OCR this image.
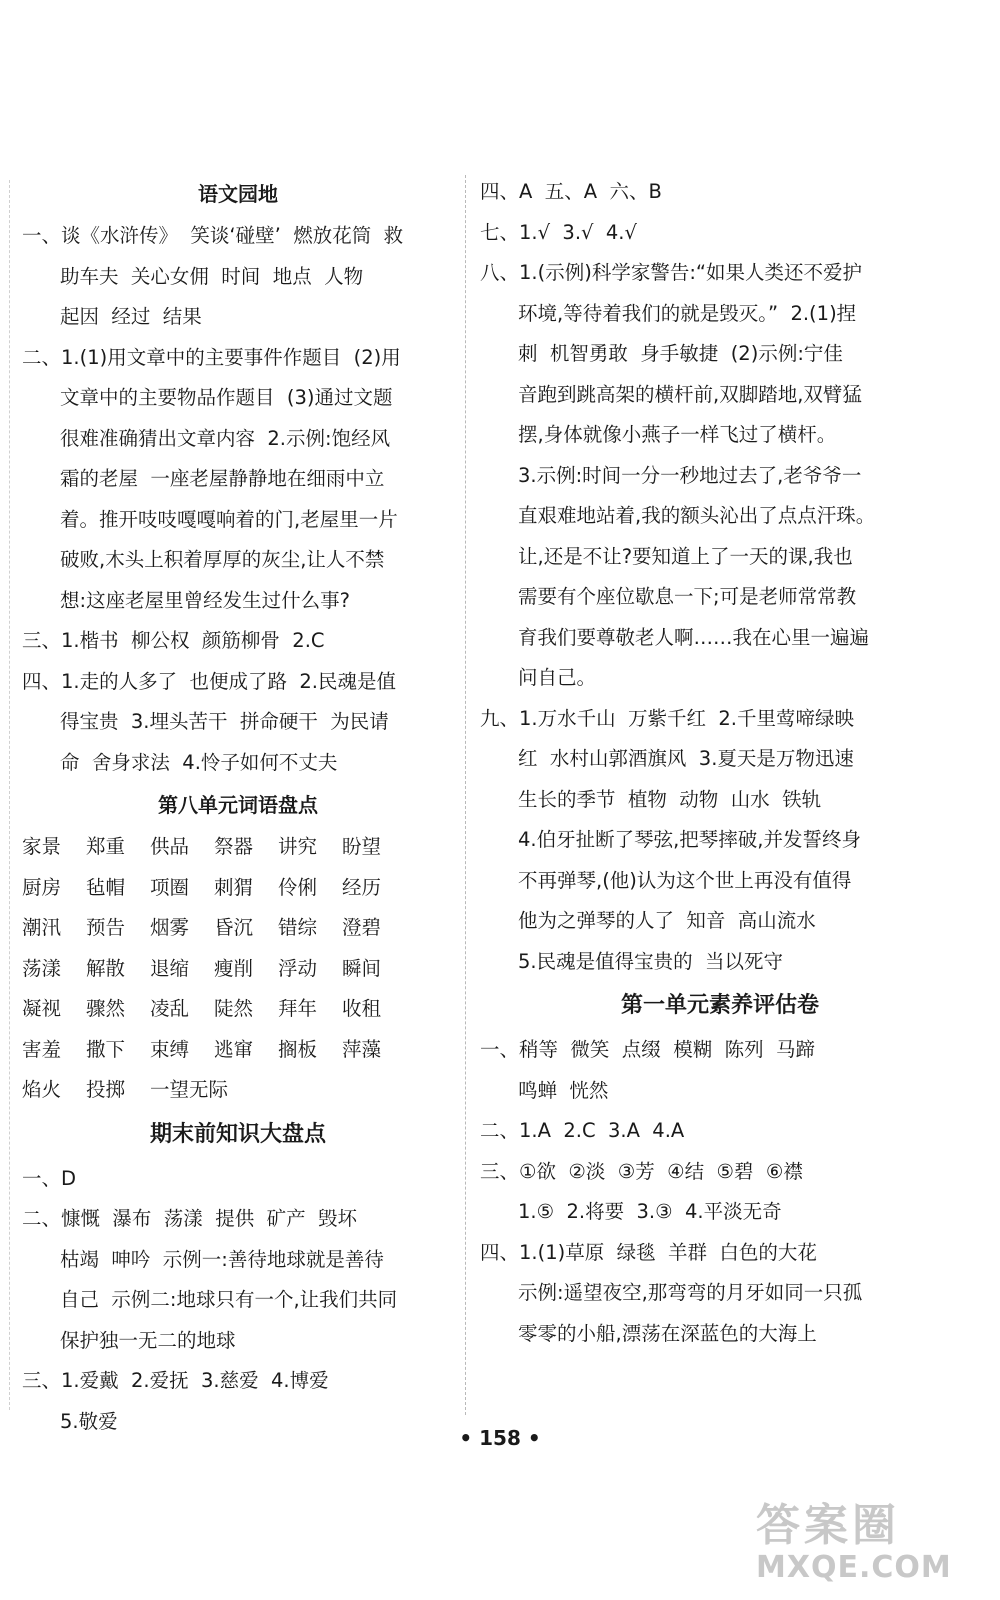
语文园地

一、谈《水浒传》  笑谈‘碰壁’  燃放花筒  救

助车夫  关心女佣  时间  地点  人物

起因  经过  结果

二、1.(1)用文章中的主要事件作题目  (2)用

文章中的主要物品作题目  (3)通过文题

很难准确猜出文章内容  2.示例:饱经风

霜的老屋  一座老屋静静地在细雨中立

着。推开吱吱嘎嘎响着的门,老屋里一片

破败,木头上积着厚厚的灰尘,让人不禁

想:这座老屋里曾经发生过什么事?

三、1.楷书  柳公权  颜筋柳骨  2.C

四、1.走的人多了  也便成了路  2.民魂是值

得宝贵  3.埋头苦干  拼命硬干  为民请

命  舍身求法  4.怜子如何不丈夫

第八单元词语盘点
家景	郑重	供品	祭器	讲究	盼望
厨房	毡帽	项圈	刺猬	伶俐	经历
潮汛	预告	烟雾	昏沉	错综	澄碧
荡漾	解散	退缩	瘦削	浮动	瞬间
凝视	骤然	凌乱	陡然	拜年	收租
害羞	撒下	束缚	逃窜	搁板	萍藻
焰火	投掷	一望无际
期末前知识大盘点

一、D

二、慷慨  瀑布  荡漾  提供  矿产  毁坏

枯竭  呻吟  示例一:善待地球就是善待

自己  示例二:地球只有一个,让我们共同

保护独一无二的地球

三、1.爱戴  2.爱抚  3.慈爱  4.博爱

5.敬爱

四、A  五、A  六、B

七、1.√  3.√  4.√

八、1.(示例)科学家警告:“如果人类还不爱护

环境,等待着我们的就是毁灭。”  2.(1)捏

刺  机智勇敢  身手敏捷  (2)示例:宁佳

音跑到跳高架的横杆前,双脚踏地,双臂猛

摆,身体就像小燕子一样飞过了横杆。

3.示例:时间一分一秒地过去了,老爷爷一

直艰难地站着,我的额头沁出了点点汗珠。

让,还是不让?要知道上了一天的课,我也

需要有个座位歇息一下;可是老师常常教

育我们要尊敬老人啊……我在心里一遍遍

问自己。

九、1.万水千山  万紫千红  2.千里莺啼绿映

红  水村山郭酒旗风  3.夏天是万物迅速

生长的季节  植物  动物  山水  铁轨

4.伯牙扯断了琴弦,把琴摔破,并发誓终身

不再弹琴,(他)认为这个世上再没有值得

他为之弹琴的人了  知音  高山流水

5.民魂是值得宝贵的  当以死守

第一单元素养评估卷

一、稍等  微笑  点缀  模糊  陈列  马蹄

鸣蝉  恍然

二、1.A  2.C  3.A  4.A

三、①欲  ②淡  ③芳  ④结  ⑤碧  ⑥襟

1.⑤  2.将要  3.③  4.平淡无奇

四、1.(1)草原  绿毯  羊群  白色的大花

示例:遥望夜空,那弯弯的月牙如同一只孤

零零的小船,漂荡在深蓝色的大海上

• 158 •
答案圈
MXQE.COM
